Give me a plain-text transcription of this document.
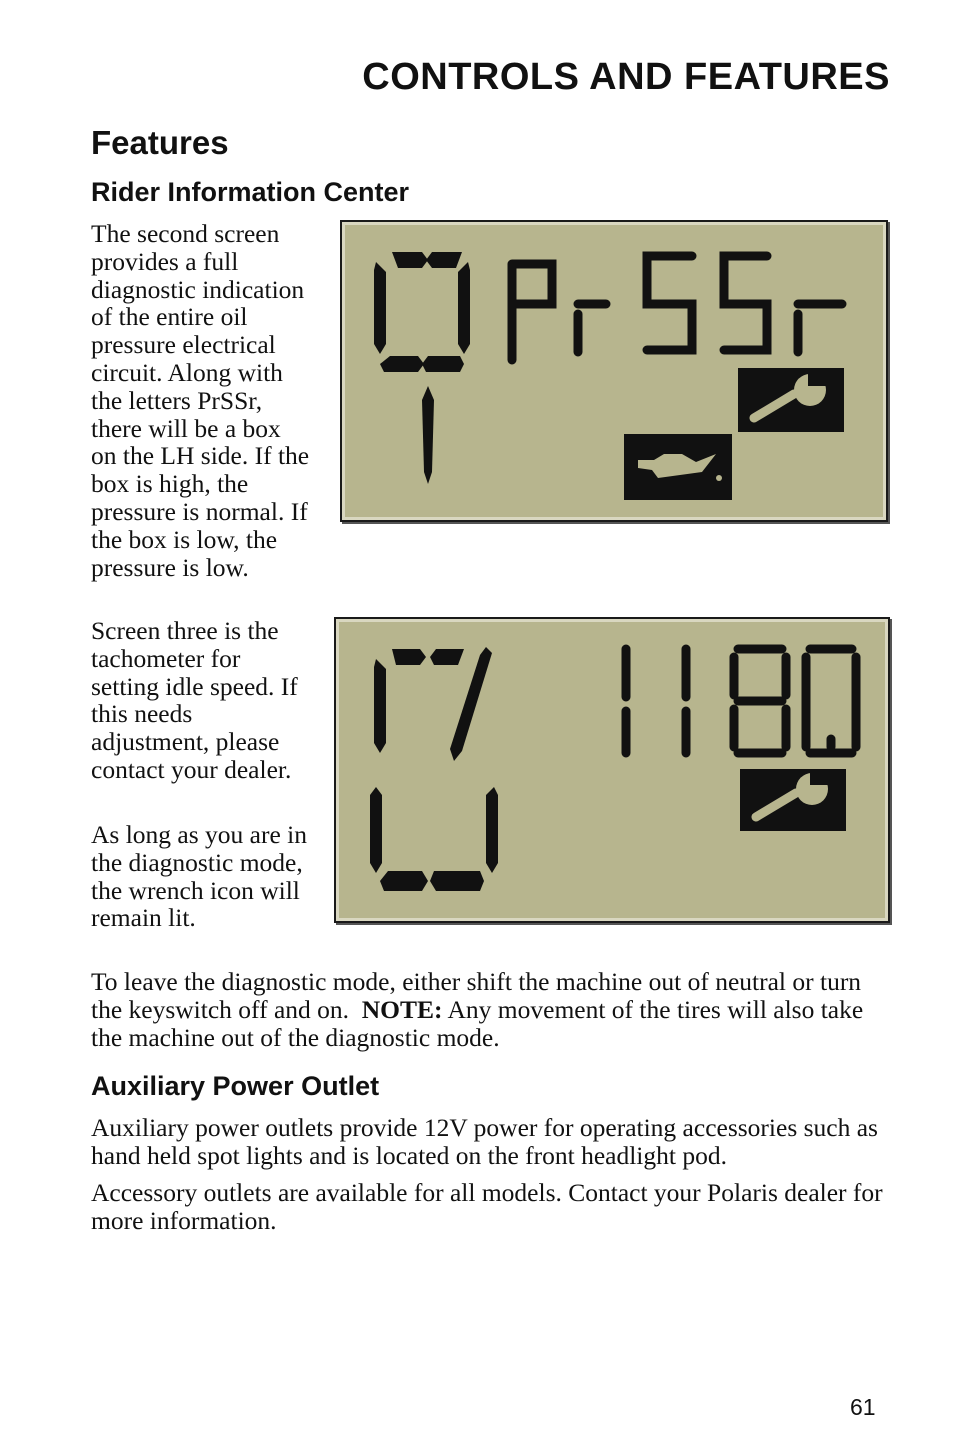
CONTROLS AND FEATURES
Features
Rider Information Center

The second screen provides a full diagnostic indication of the entire oil pressure electrical circuit. Along with the letters PrSSr, there will be a box on the LH side. If the box is high, the pressure is normal. If the box is low, the pressure is low.

Screen three is the tachometer for setting idle speed. If this needs adjustment, please contact your dealer.

As long as you are in the diagnostic mode, the wrench icon will remain lit.

To leave the diagnostic mode, either shift the machine out of neutral or turn the keyswitch off and on. NOTE: Any movement of the tires will also take the machine out of the diagnostic mode.

Auxiliary Power Outlet

Auxiliary power outlets provide 12V power for operating accessories such as hand held spot lights and is located on the front headlight pod.

Accessory outlets are available for all models. Contact your Polaris dealer for more information.

61
